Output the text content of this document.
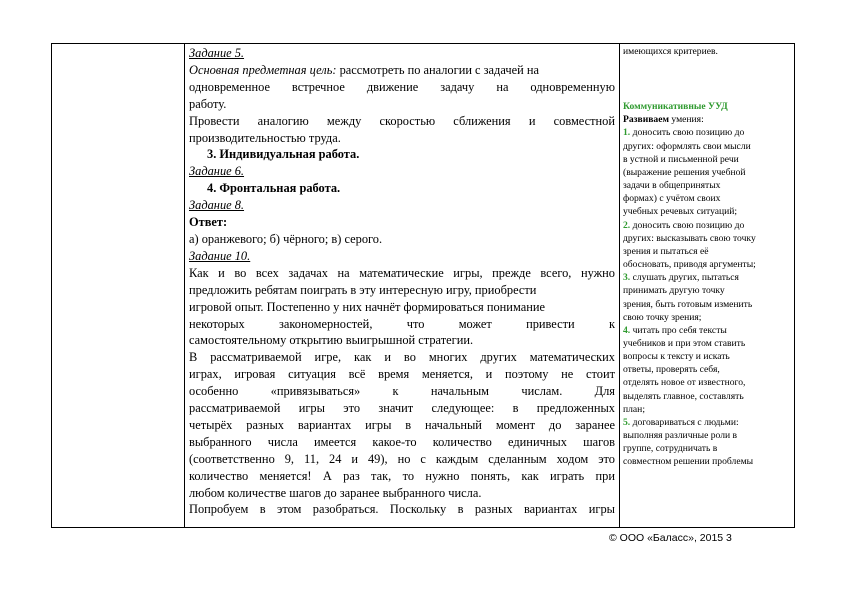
Задание 5.

Основная предметная цель: рассмотреть по аналогии с задачей на

одновременное встречное движение задачу на одновременную

работу.

Провести аналогию между скоростью сближения и совместной

производительностью труда.

3. Индивидуальная работа.

Задание 6.

4. Фронтальная работа.

Задание 8.

Ответ:

а) оранжевого; б) чёрного; в) серого.

Задание 10.

Как и во всех задачах на математические игры, прежде всего, нужно

предложить ребятам поиграть в эту интересную игру, приобрести

игровой опыт. Постепенно у них начнёт формироваться понимание

некоторых закономерностей, что может привести к

самостоятельному открытию выигрышной стратегии.

В рассматриваемой игре, как и во многих других математических

играх, игровая ситуация всё время меняется, и поэтому не стоит

особенно «привязываться» к начальным числам. Для

рассматриваемой игры это значит следующее: в предложенных

четырёх разных вариантах игры в начальный момент до заранее

выбранного числа имеется какое-то количество единичных шагов

(соответственно 9, 11, 24 и 49), но с каждым сделанным ходом это

количество меняется! А раз так, то нужно понять, как играть при

любом количестве шагов до заранее выбранного числа.

Попробуем в этом разобраться. Поскольку в разных вариантах игры

имеющихся критериев.

Коммуникативные УУД

Развиваем умения:

1. доносить свою позицию до

других: оформлять свои мысли

в устной и письменной речи

(выражение решения учебной

задачи в общепринятых

формах) с учётом своих

учебных речевых ситуаций;

2. доносить свою позицию до

других: высказывать свою точку

зрения и пытаться её

обосновать, приводя аргументы;

3. слушать других, пытаться

принимать другую точку

зрения, быть готовым изменить

свою точку зрения;

4. читать про себя тексты

учебников и при этом ставить

вопросы к тексту и искать

ответы, проверять себя,

отделять новое от известного,

выделять главное, составлять

план;

5. договариваться с людьми:

выполняя различные роли в

группе, сотрудничать в

совместном решении проблемы

© ООО «Баласс», 2015 3
